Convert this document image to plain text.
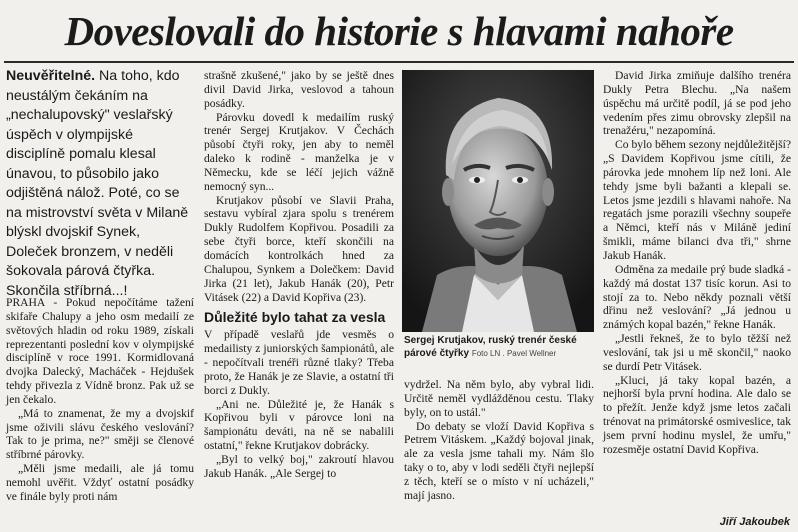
Doveslovali do historie s hlavami nahoře
Neuvěřitelné. Na toho, kdo neustálým čekáním na „nechalupovský" veslařský úspěch v olympijské disciplíně pomalu klesal únavou, to působilo jako odjištěná nálož. Poté, co se na mistrovství světa v Milaně blýskl dvojskif Synek, Doleček bronzem, v neděli šokovala párová čtyřka. Skončila stříbrná...!

PRAHA - Pokud nepočítáme tažení skifaře Chalupy a jeho osm medailí ze světových hladin od roku 1989, získali reprezentanti poslední kov v olympijské disciplíně v roce 1991. Kormidlovaná dvojka Dalecký, Macháček - Hejdušek tehdy přivezla z Vídně bronz. Pak už se jen čekalo.

„Má to znamenat, že my a dvojskif jsme oživili slávu českého veslování? Tak to je prima, ne?" směji se členové stříbrné párovky.

„Měli jsme medaili, ale já tomu nemohl uvěřit. Vždyť ostatní posádky ve finále byly proti nám

strašně zkušené," jako by se ještě dnes divil David Jirka, veslovod a tahoun posádky.

Párovku dovedl k medailím ruský trenér Sergej Krutjakov. V Čechách působí čtyři roky, jen aby to neměl daleko k rodině - manželka je v Německu, kde se léčí jejich vážně nemocný syn...

Krutjakov působí ve Slavii Praha, sestavu vybíral zjara spolu s trenérem Dukly Rudolfem Kopřivou. Posadili za sebe čtyři borce, kteří skončili na domácích kontrolkách hned za Chalupou, Synkem a Dolečkem: David Jirka (21 let), Jakub Hanák (20), Petr Vitásek (22) a David Kopřiva (23).

Důležité bylo tahat za vesla

V případě veslařů jde vesměs o medailisty z juniorských šampionátů, ale - nepočítvali trenéři různé tlaky? Třeba proto, že Hanák je ze Slavie, a ostatní tři borci z Dukly.

„Ani ne. Důležité je, že Hanák s Kopřivou byli v párovce loni na šampionátu deváti, na ně se nabalili ostatní," řekne Krutjakov dobrácky.

„Byl to velký boj," zakroutí hlavou Jakub Hanák. „Ale Sergej to

Sergej Krutjakov, ruský trenér české párové čtyřky Foto LN . Pavel Wellner

vydržel. Na něm bylo, aby vybral lidi. Určitě neměl vydlážděnou cestu. Tlaky byly, on to ustál."

Do debaty se vloží David Kopřiva s Petrem Vitáskem. „Každý bojoval jinak, ale za vesla jsme tahali my. Nám šlo taky o to, aby v lodi seděli čtyři nejlepší z těch, kteří se o místo v ní ucházeli," mají jasno.

David Jirka zmiňuje dalšího trenéra Dukly Petra Blechu. „Na našem úspěchu má určitě podíl, já se pod jeho vedením přes zimu obrovsky zlepšil na trenažéru," nezapomíná.

Co bylo během sezony nejdůležitější? „S Davidem Kopřivou jsme cítili, že párovka jede mnohem líp než loni. Ale tehdy jsme byli bažanti a klepali se. Letos jsme jezdili s hlavami nahoře. Na regatách jsme porazili všechny soupeře a Němci, kteří nás v Miláně jediní šmikli, máme bilanci dva tři," shrne Jakub Hanák.

Odměna za medaile prý bude sladká - každý má dostat 137 tisíc korun. Asi to stojí za to. Nebo někdy poznali větší dřinu než veslování? „Já jednou u známých kopal bazén," řekne Hanák.

„Jestli řekneš, že to bylo těžší než veslování, tak jsi u mě skončil," naoko se durdí Petr Vitásek.

„Kluci, já taky kopal bazén, a nejhorší byla první hodina. Ale dalo se to přežít. Jenže když jsme letos začali trénovat na primátorské osmiveslice, tak jsem první hodinu myslel, že umřu," rozesměje ostatní David Kopřiva.

Jiří Jakoubek
